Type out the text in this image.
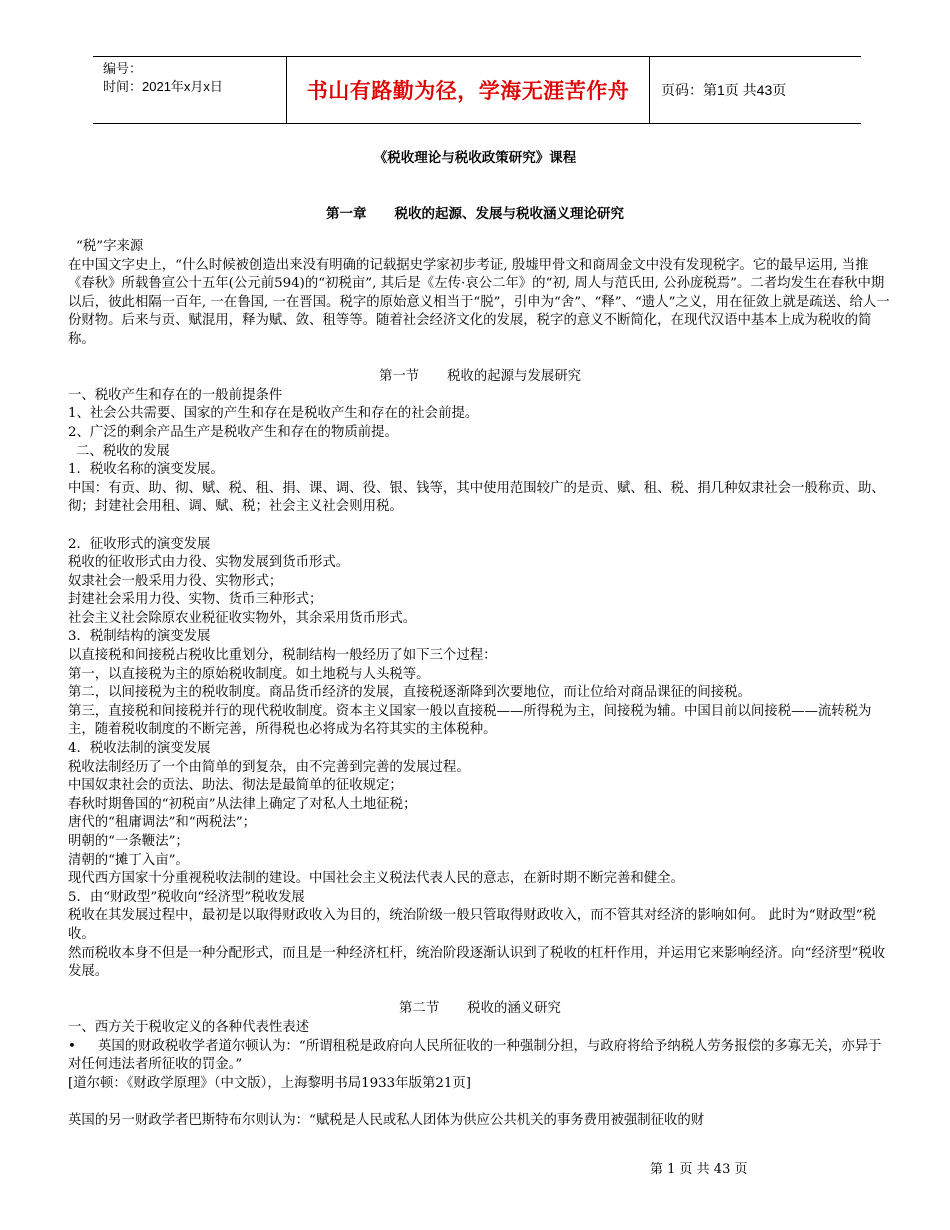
编号：
时间：2021年x月x日	书山有路勤为径，学海无涯苦作舟	页码：第1页 共43页
《税收理论与税收政策研究》课程
第一章 税收的起源、发展与税收涵义理论研究

“税”字来源

在中国文字史上，“什么时候被创造出来没有明确的记载据史学家初步考证, 殷墟甲骨文和商周金文中没有发现税字。它的最早运用, 当推《春秋》所载鲁宣公十五年(公元前594)的“初税亩”, 其后是《左传·哀公二年》的“初, 周人与范氏田, 公孙庞税焉”。二者均发生在春秋中期以后，彼此相隔一百年, 一在鲁国, 一在晋国。税字的原始意义相当于“脱”，引申为“舍”、“释”、“遗人”之义，用在征敛上就是疏送、给人一份财物。后来与贡、赋混用，释为赋、敛、租等等。随着社会经济文化的发展，税字的意义不断简化，在现代汉语中基本上成为税收的简称。

第一节 税收的起源与发展研究

一、税收产生和存在的一般前提条件

1、社会公共需要、国家的产生和存在是税收产生和存在的社会前提。

2、广泛的剩余产品生产是税收产生和存在的物质前提。

二、税收的发展

1．税收名称的演变发展。

中国：有贡、助、彻、赋、税、租、捐、课、调、役、银、钱等，其中使用范围较广的是贡、赋、租、税、捐几种奴隶社会一般称贡、助、彻；封建社会用租、调、赋、税；社会主义社会则用税。

2．征收形式的演变发展

税收的征收形式由力役、实物发展到货币形式。

奴隶社会一般采用力役、实物形式；

封建社会采用力役、实物、货币三种形式；

社会主义社会除原农业税征收实物外，其余采用货币形式。

3．税制结构的演变发展

以直接税和间接税占税收比重划分，税制结构一般经历了如下三个过程：

第一，以直接税为主的原始税收制度。如土地税与人头税等。

第二，以间接税为主的税收制度。商品货币经济的发展，直接税逐渐降到次要地位，而让位给对商品课征的间接税。

第三，直接税和间接税并行的现代税收制度。资本主义国家一般以直接税——所得税为主，间接税为辅。中国目前以间接税——流转税为主，随着税收制度的不断完善，所得税也必将成为名符其实的主体税种。

4．税收法制的演变发展

税收法制经历了一个由简单的到复杂，由不完善到完善的发展过程。

中国奴隶社会的贡法、助法、彻法是最简单的征收规定；

春秋时期鲁国的“初税亩”从法律上确定了对私人土地征税；

唐代的“租庸调法”和“两税法”；

明朝的“一条鞭法”；

清朝的“摊丁入亩”。

现代西方国家十分重视税收法制的建设。中国社会主义税法代表人民的意志，在新时期不断完善和健全。

5．由“财政型”税收向“经济型”税收发展

税收在其发展过程中，最初是以取得财政收入为目的，统治阶级一般只管取得财政收入，而不管其对经济的影响如何。 此时为“财政型”税收。

然而税收本身不但是一种分配形式，而且是一种经济杠杆，统治阶段逐渐认识到了税收的杠杆作用，并运用它来影响经济。向“经济型”税收发展。

第二节 税收的涵义研究

一、西方关于税收定义的各种代表性表述

• 英国的财政税收学者道尔顿认为：“所谓租税是政府向人民所征收的一种强制分担，与政府将给予纳税人劳务报偿的多寡无关，亦异于对任何违法者所征收的罚金。”

[道尔顿：《财政学原理》（中文版），上海黎明书局1933年版第21页]

英国的另一财政学者巴斯特布尔则认为：“赋税是人民或私人团体为供应公共机关的事务费用被强制征收的财

第 1 页 共 43 页
